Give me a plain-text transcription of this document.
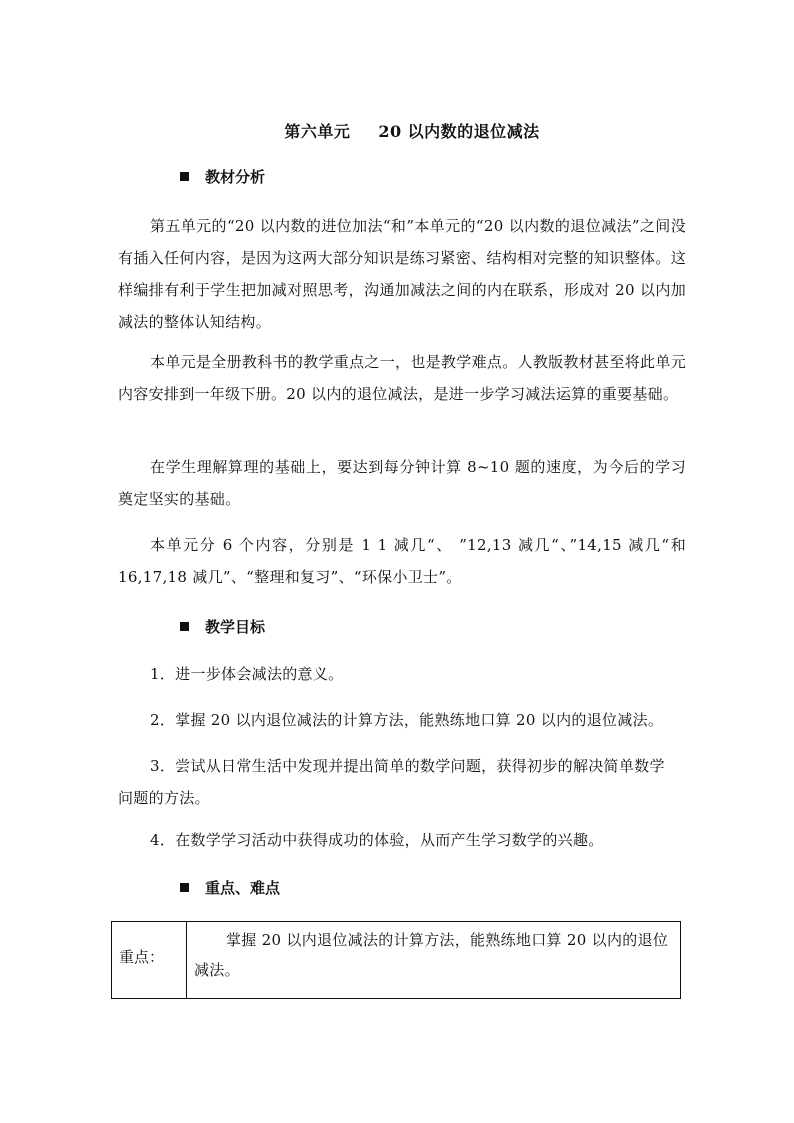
第六单元 20 以内数的退位减法
教材分析
第五单元的“20 以内数的进位加法“和”本单元的“20 以内数的退位减法”之间没有插入任何内容，是因为这两大部分知识是练习紧密、结构相对完整的知识整体。这样编排有利于学生把加减对照思考，沟通加减法之间的内在联系，形成对 20 以内加减法的整体认知结构。
本单元是全册教科书的教学重点之一，也是教学难点。人教版教材甚至将此单元内容安排到一年级下册。20 以内的退位减法，是进一步学习减法运算的重要基础。
在学生理解算理的基础上，要达到每分钟计算 8~10 题的速度，为今后的学习奠定坚实的基础。
本单元分 6 个内容，分别是 1 1 减几“、 ”12,13 减几“、”14,15 减几“和 16,17,18 减几”、“整理和复习”、“环保小卫士”。
教学目标
1．进一步体会减法的意义。
2．掌握 20 以内退位减法的计算方法，能熟练地口算 20 以内的退位减法。
3．尝试从日常生活中发现并提出简单的数学问题，获得初步的解决简单数学问题的方法。
4．在数学学习活动中获得成功的体验，从而产生学习数学的兴趣。
重点、难点
重点：
掌握 20 以内退位减法的计算方法，能熟练地口算 20 以内的退位减法。
